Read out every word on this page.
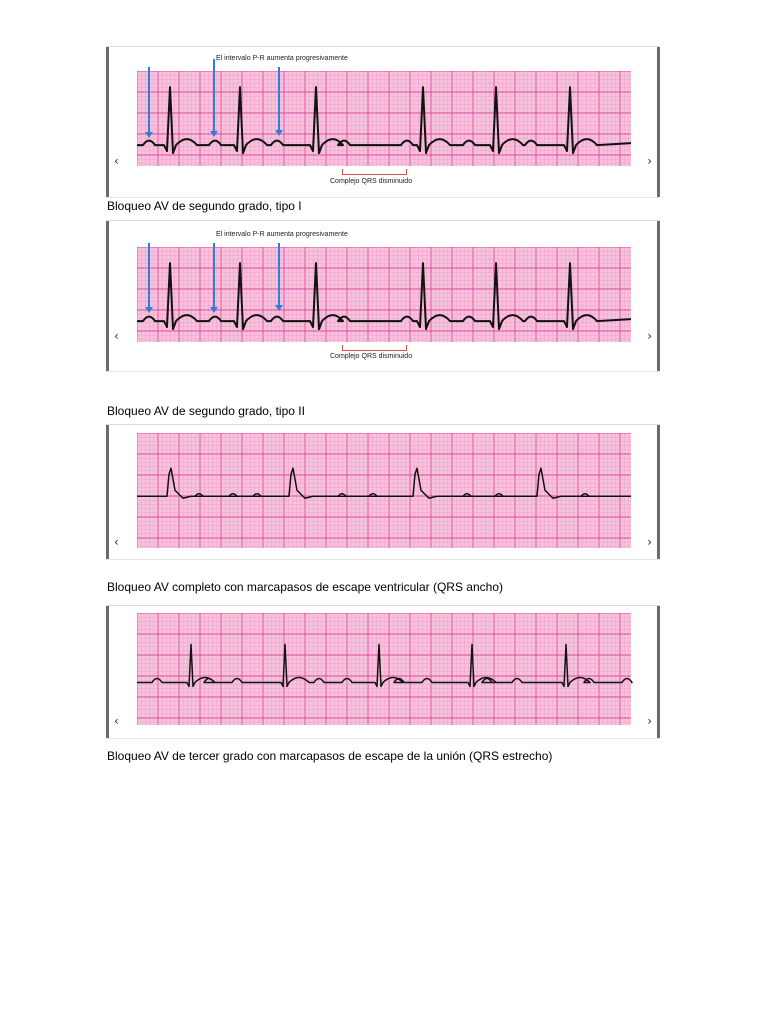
El intervalo P-R aumenta progresivamente
Complejo QRS disminuido
‹	›
Bloqueo AV de segundo grado, tipo I
El intervalo P-R aumenta progresivamente
Complejo QRS disminuido
‹	›
Bloqueo AV de segundo grado, tipo II
‹	›
Bloqueo AV completo con marcapasos de escape ventricular (QRS ancho)
‹	›
Bloqueo AV de tercer grado con marcapasos de escape de la unión (QRS estrecho)
